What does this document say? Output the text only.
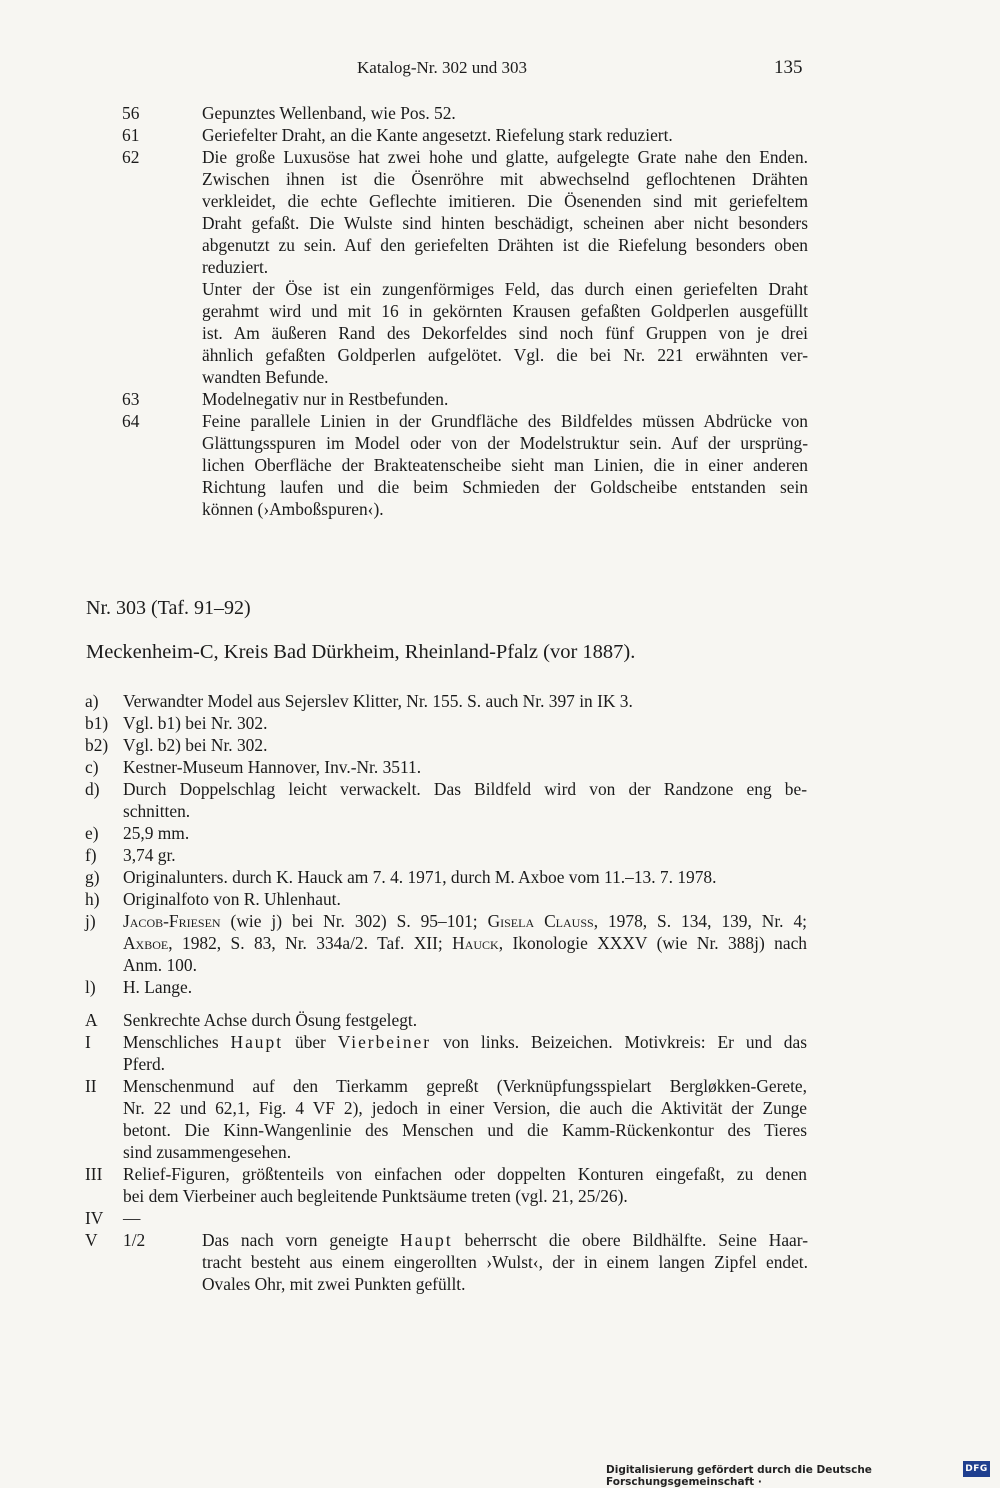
Katalog-Nr. 302 und 303	135
56	Gepunztes Wellenband, wie Pos. 52.
61	Geriefelter Draht, an die Kante angesetzt. Riefelung stark reduziert.
62	Die große Luxusöse hat zwei hohe und glatte, aufgelegte Grate nahe den Enden.
Zwischen ihnen ist die Ösenröhre mit abwechselnd geflochtenen Drähten
verkleidet, die echte Geflechte imitieren. Die Ösenenden sind mit geriefeltem
Draht gefaßt. Die Wulste sind hinten beschädigt, scheinen aber nicht besonders
abgenutzt zu sein. Auf den geriefelten Drähten ist die Riefelung besonders oben
reduziert.
Unter der Öse ist ein zungenförmiges Feld, das durch einen geriefelten Draht
gerahmt wird und mit 16 in gekörnten Krausen gefaßten Goldperlen ausgefüllt
ist. Am äußeren Rand des Dekorfeldes sind noch fünf Gruppen von je drei
ähnlich gefaßten Goldperlen aufgelötet. Vgl. die bei Nr. 221 erwähnten ver-
wandten Befunde.
63	Modelnegativ nur in Restbefunden.
64	Feine parallele Linien in der Grundfläche des Bildfeldes müssen Abdrücke von
Glättungsspuren im Model oder von der Modelstruktur sein. Auf der ursprüng-
lichen Oberfläche der Brakteatenscheibe sieht man Linien, die in einer anderen
Richtung laufen und die beim Schmieden der Goldscheibe entstanden sein
können (›Amboßspuren‹).
Nr. 303 (Taf. 91–92)
Meckenheim-C, Kreis Bad Dürkheim, Rheinland-Pfalz (vor 1887).
a) Verwandter Model aus Sejerslev Klitter, Nr. 155. S. auch Nr. 397 in IK 3.
b1) Vgl. b1) bei Nr. 302.
b2) Vgl. b2) bei Nr. 302.
c) Kestner-Museum Hannover, Inv.-Nr. 3511.
d) Durch Doppelschlag leicht verwackelt. Das Bildfeld wird von der Randzone eng be-
schnitten.
e) 25,9 mm.
f) 3,74 gr.
g) Originalunters. durch K. Hauck am 7. 4. 1971, durch M. Axboe vom 11.–13. 7. 1978.
h) Originalfoto von R. Uhlenhaut.
j) Jacob-Friesen (wie j) bei Nr. 302) S. 95–101; Gisela Clauss, 1978, S. 134, 139, Nr. 4;
Axboe, 1982, S. 83, Nr. 334a/2. Taf. XII; Hauck, Ikonologie XXXV (wie Nr. 388j) nach
Anm. 100.
l) H. Lange.
A Senkrechte Achse durch Ösung festgelegt.
I Menschliches Haupt über Vierbeiner von links. Beizeichen. Motivkreis: Er und das
Pferd.
II Menschenmund auf den Tierkamm gepreßt (Verknüpfungsspielart Bergløkken-Gerete,
Nr. 22 und 62,1, Fig. 4 VF 2), jedoch in einer Version, die auch die Aktivität der Zunge
betont. Die Kinn-Wangenlinie des Menschen und die Kamm-Rückenkontur des Tieres
sind zusammengesehen.
III Relief-Figuren, größtenteils von einfachen oder doppelten Konturen eingefaßt, zu denen
bei dem Vierbeiner auch begleitende Punktsäume treten (vgl. 21, 25/26).
IV —
V 1/2	Das nach vorn geneigte Haupt beherrscht die obere Bildhälfte. Seine Haar-
tracht besteht aus einem eingerollten ›Wulst‹, der in einem langen Zipfel endet.
Ovales Ohr, mit zwei Punkten gefüllt.
Digitalisierung gefördert durch die Deutsche Forschungsgemeinschaft ·
DFG
